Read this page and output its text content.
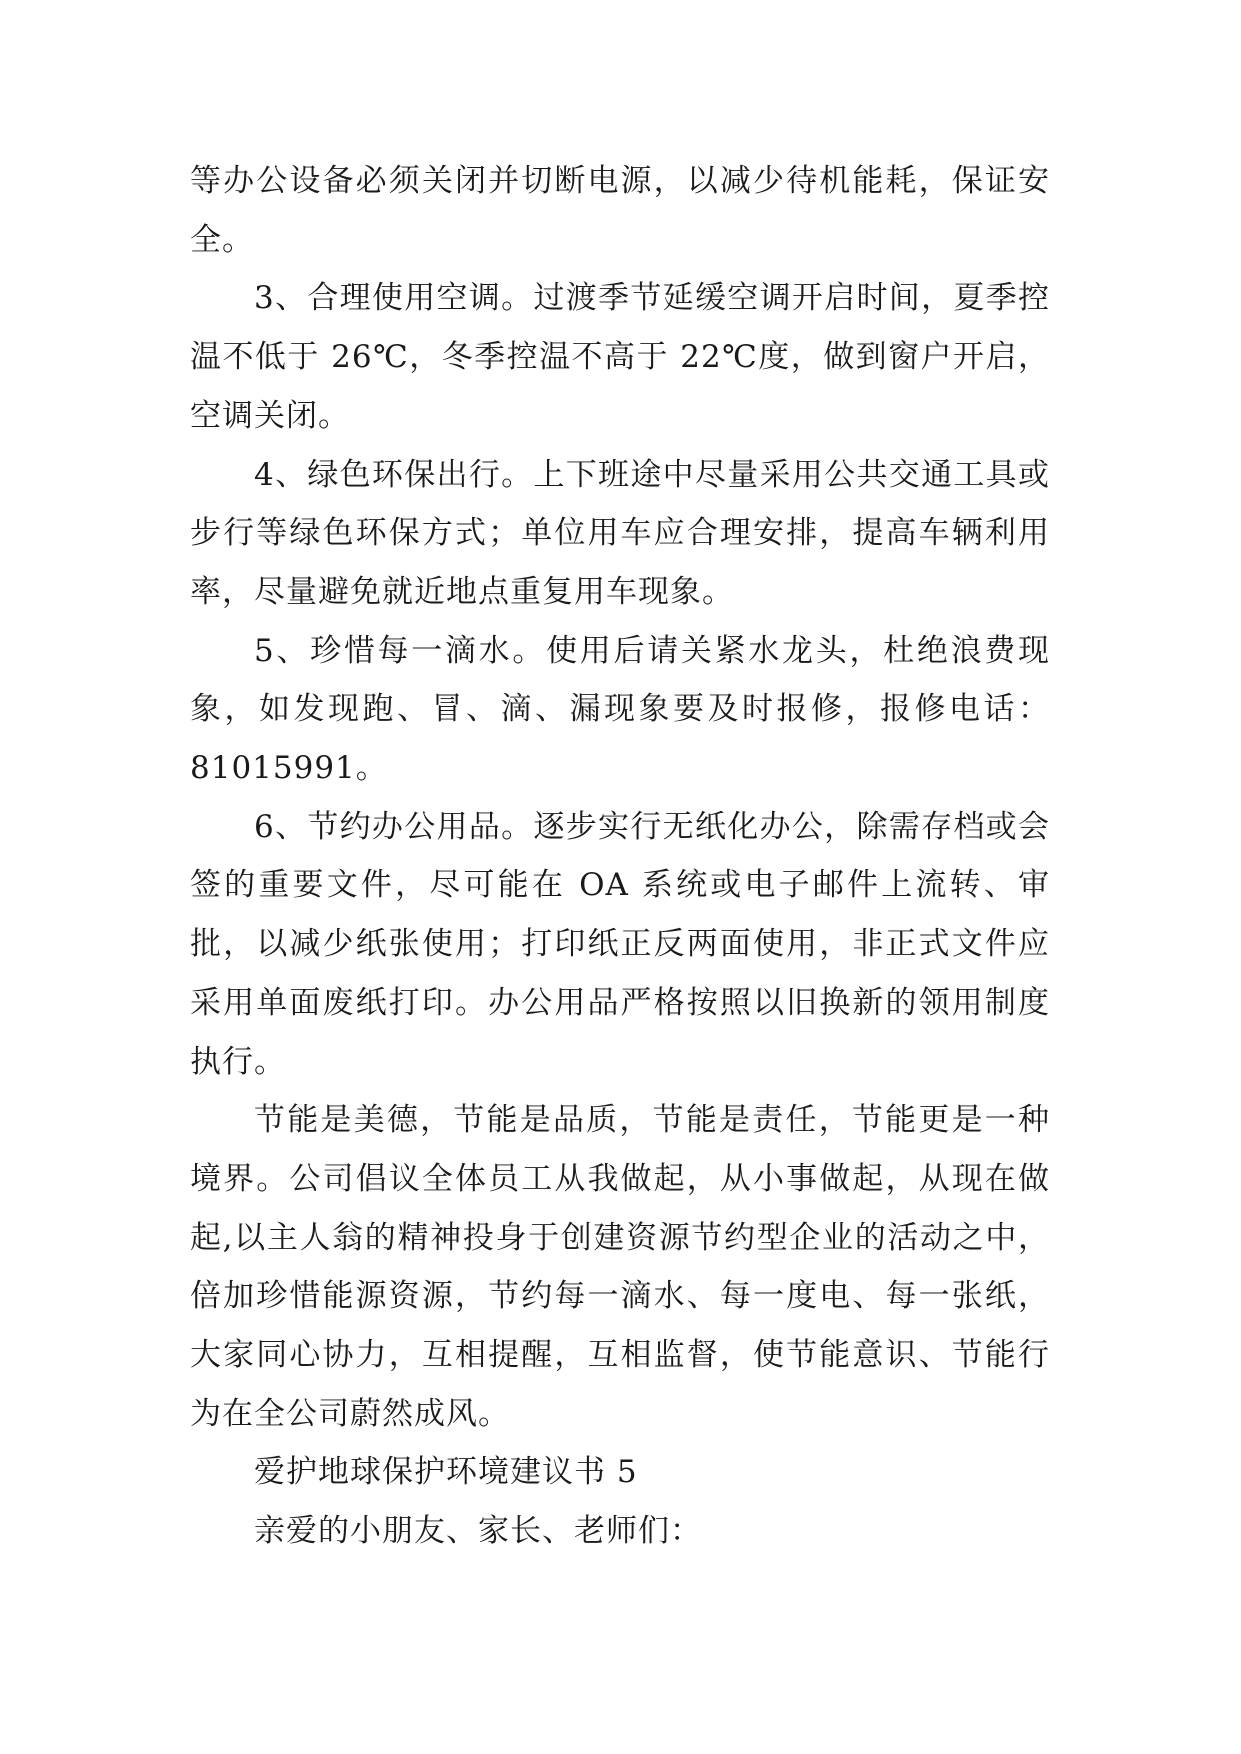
等办公设备必须关闭并切断电源，以减少待机能耗，保证安全。

3、合理使用空调。过渡季节延缓空调开启时间，夏季控温不低于 26℃，冬季控温不高于 22℃度，做到窗户开启，空调关闭。

4、绿色环保出行。上下班途中尽量采用公共交通工具或步行等绿色环保方式；单位用车应合理安排，提高车辆利用率，尽量避免就近地点重复用车现象。

5、珍惜每一滴水。使用后请关紧水龙头，杜绝浪费现象，如发现跑、冒、滴、漏现象要及时报修，报修电话：81015991。

6、节约办公用品。逐步实行无纸化办公，除需存档或会签的重要文件，尽可能在 OA 系统或电子邮件上流转、审批，以减少纸张使用；打印纸正反两面使用，非正式文件应采用单面废纸打印。办公用品严格按照以旧换新的领用制度执行。

节能是美德，节能是品质，节能是责任，节能更是一种境界。公司倡议全体员工从我做起，从小事做起，从现在做起,以主人翁的精神投身于创建资源节约型企业的活动之中，倍加珍惜能源资源，节约每一滴水、每一度电、每一张纸，大家同心协力，互相提醒，互相监督，使节能意识、节能行为在全公司蔚然成风。

爱护地球保护环境建议书 5

亲爱的小朋友、家长、老师们：
